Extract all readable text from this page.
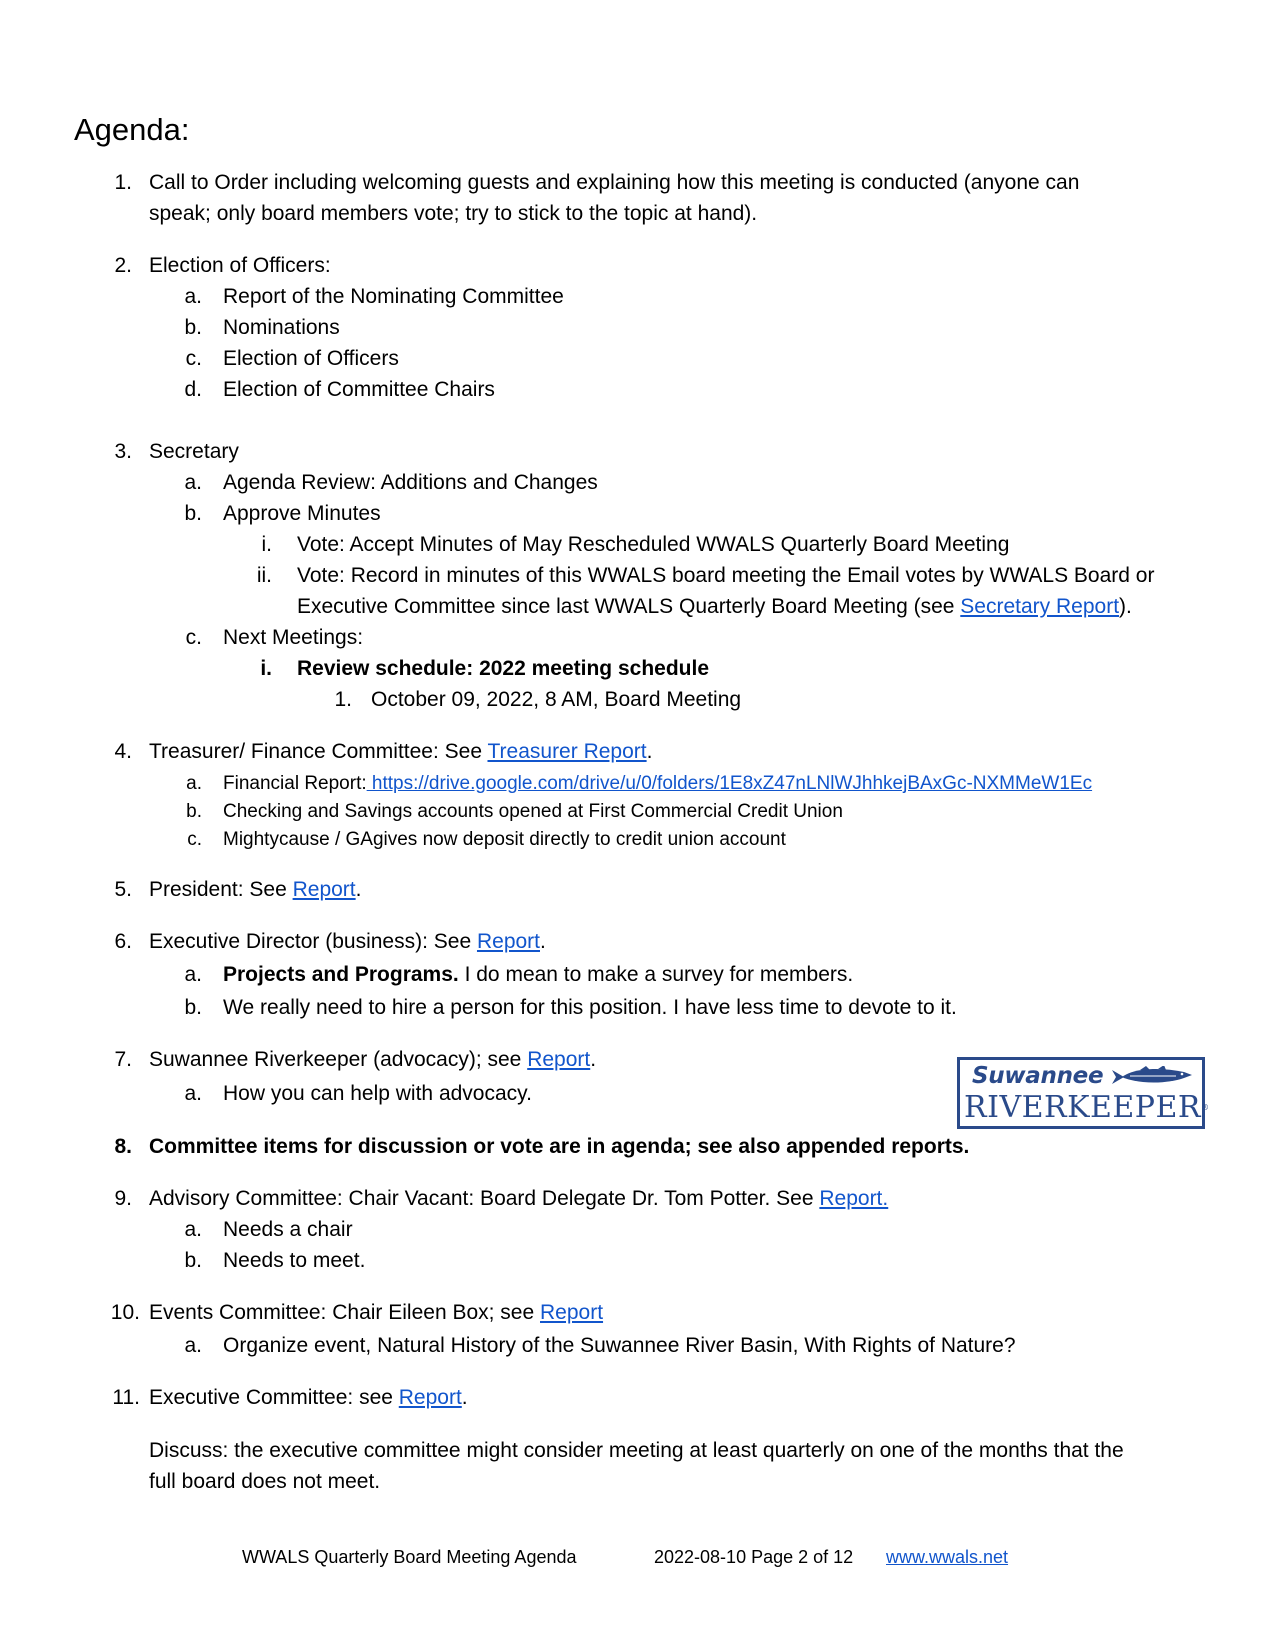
Agenda:
1. Call to Order including welcoming guests and explaining how this meeting is conducted (anyone can
speak; only board members vote; try to stick to the topic at hand).
2. Election of Officers:
a. Report of the Nominating Committee
b. Nominations
c. Election of Officers
d. Election of Committee Chairs
3. Secretary
a. Agenda Review: Additions and Changes
b. Approve Minutes
i. Vote: Accept Minutes of May Rescheduled WWALS Quarterly Board Meeting
ii. Vote: Record in minutes of this WWALS board meeting the Email votes by WWALS Board or
Executive Committee since last WWALS Quarterly Board Meeting (see Secretary Report).
c. Next Meetings:
i. Review schedule: 2022 meeting schedule
1. October 09, 2022, 8 AM, Board Meeting
4. Treasurer/ Finance Committee: See Treasurer Report.
a. Financial Report: https://drive.google.com/drive/u/0/folders/1E8xZ47nLNlWJhhkejBAxGc-NXMMeW1Ec
b. Checking and Savings accounts opened at First Commercial Credit Union
c. Mightycause / GAgives now deposit directly to credit union account
5. President: See Report.
6. Executive Director (business): See Report.
a. Projects and Programs. I do mean to make a survey for members.
b. We really need to hire a person for this position. I have less time to devote to it.
7. Suwannee Riverkeeper (advocacy); see Report.
a. How you can help with advocacy.
Suwannee
RIVERKEEPER®
8. Committee items for discussion or vote are in agenda; see also appended reports.
9. Advisory Committee: Chair Vacant: Board Delegate Dr. Tom Potter. See Report.
a. Needs a chair
b. Needs to meet.
10. Events Committee: Chair Eileen Box; see Report
a. Organize event, Natural History of the Suwannee River Basin, With Rights of Nature?
11. Executive Committee: see Report.
Discuss: the executive committee might consider meeting at least quarterly on one of the months that the
full board does not meet.
WWALS Quarterly Board Meeting Agenda	2022-08-10 Page 2 of 12 www.wwals.net
